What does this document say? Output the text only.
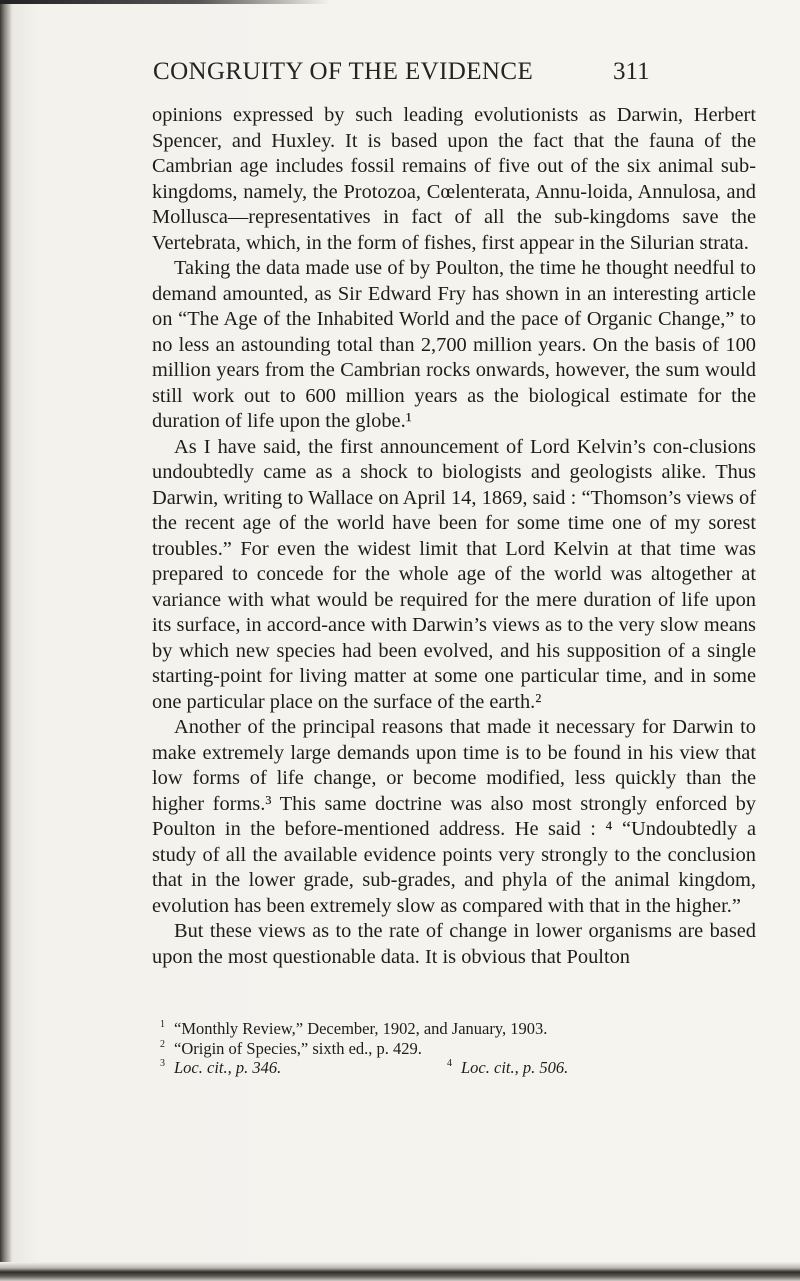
CONGRUITY OF THE EVIDENCE	311

opinions expressed by such leading evolutionists as Darwin, Herbert Spencer, and Huxley. It is based upon the fact that the fauna of the Cambrian age includes fossil remains of five out of the six animal sub-kingdoms, namely, the Protozoa, Cœlenterata, Annu-loida, Annulosa, and Mollusca—representatives in fact of all the sub-kingdoms save the Vertebrata, which, in the form of fishes, first appear in the Silurian strata.

Taking the data made use of by Poulton, the time he thought needful to demand amounted, as Sir Edward Fry has shown in an interesting article on “The Age of the Inhabited World and the pace of Organic Change,” to no less an astounding total than 2,700 million years. On the basis of 100 million years from the Cambrian rocks onwards, however, the sum would still work out to 600 million years as the biological estimate for the duration of life upon the globe.¹

As I have said, the first announcement of Lord Kelvin’s con-clusions undoubtedly came as a shock to biologists and geologists alike. Thus Darwin, writing to Wallace on April 14, 1869, said : “Thomson’s views of the recent age of the world have been for some time one of my sorest troubles.” For even the widest limit that Lord Kelvin at that time was prepared to concede for the whole age of the world was altogether at variance with what would be required for the mere duration of life upon its surface, in accord-ance with Darwin’s views as to the very slow means by which new species had been evolved, and his supposition of a single starting-point for living matter at some one particular time, and in some one particular place on the surface of the earth.²

Another of the principal reasons that made it necessary for Darwin to make extremely large demands upon time is to be found in his view that low forms of life change, or become modified, less quickly than the higher forms.³ This same doctrine was also most strongly enforced by Poulton in the before-mentioned address. He said : ⁴ “Undoubtedly a study of all the available evidence points very strongly to the conclusion that in the lower grade, sub-grades, and phyla of the animal kingdom, evolution has been extremely slow as compared with that in the higher.”

But these views as to the rate of change in lower organisms are based upon the most questionable data. It is obvious that Poulton

1 “Monthly Review,” December, 1902, and January, 1903.
2 “Origin of Species,” sixth ed., p. 429.
3 Loc. cit., p. 346.	4 Loc. cit., p. 506.
